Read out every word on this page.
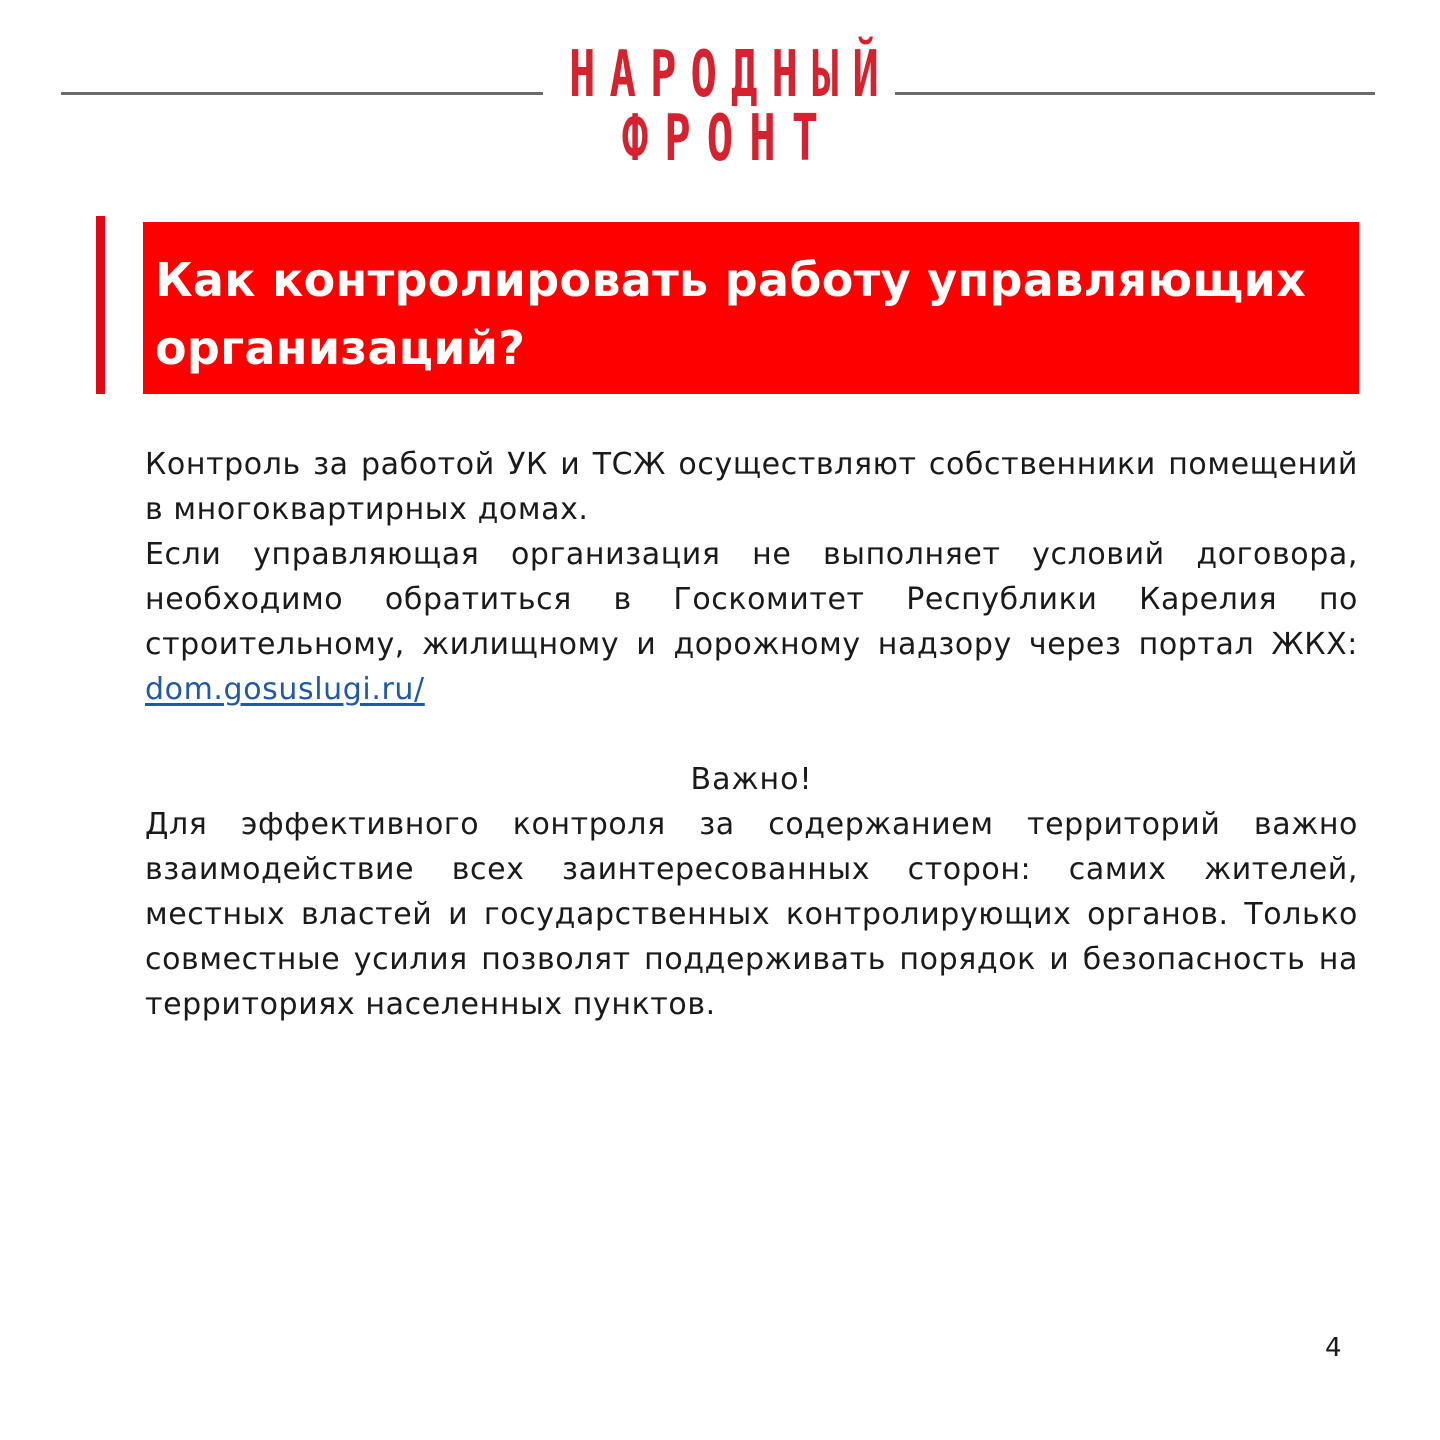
НАРОДНЫЙ
ФРОНТ
Как контролировать работу управляющих организаций?

Контроль за работой УК и ТСЖ осуществляют собственники помещений в многоквартирных домах.

Если управляющая организация не выполняет условий договора, необходимо обратиться в Госкомитет Республики Карелия по строительному, жилищному и дорожному надзору через портал ЖКХ: dom.gosuslugi.ru/

Важно!

Для эффективного контроля за содержанием территорий важно взаимодействие всех заинтересованных сторон: самих жителей, местных властей и государственных контролирующих органов. Только совместные усилия позволят поддерживать порядок и безопасность на территориях населенных пунктов.

4
